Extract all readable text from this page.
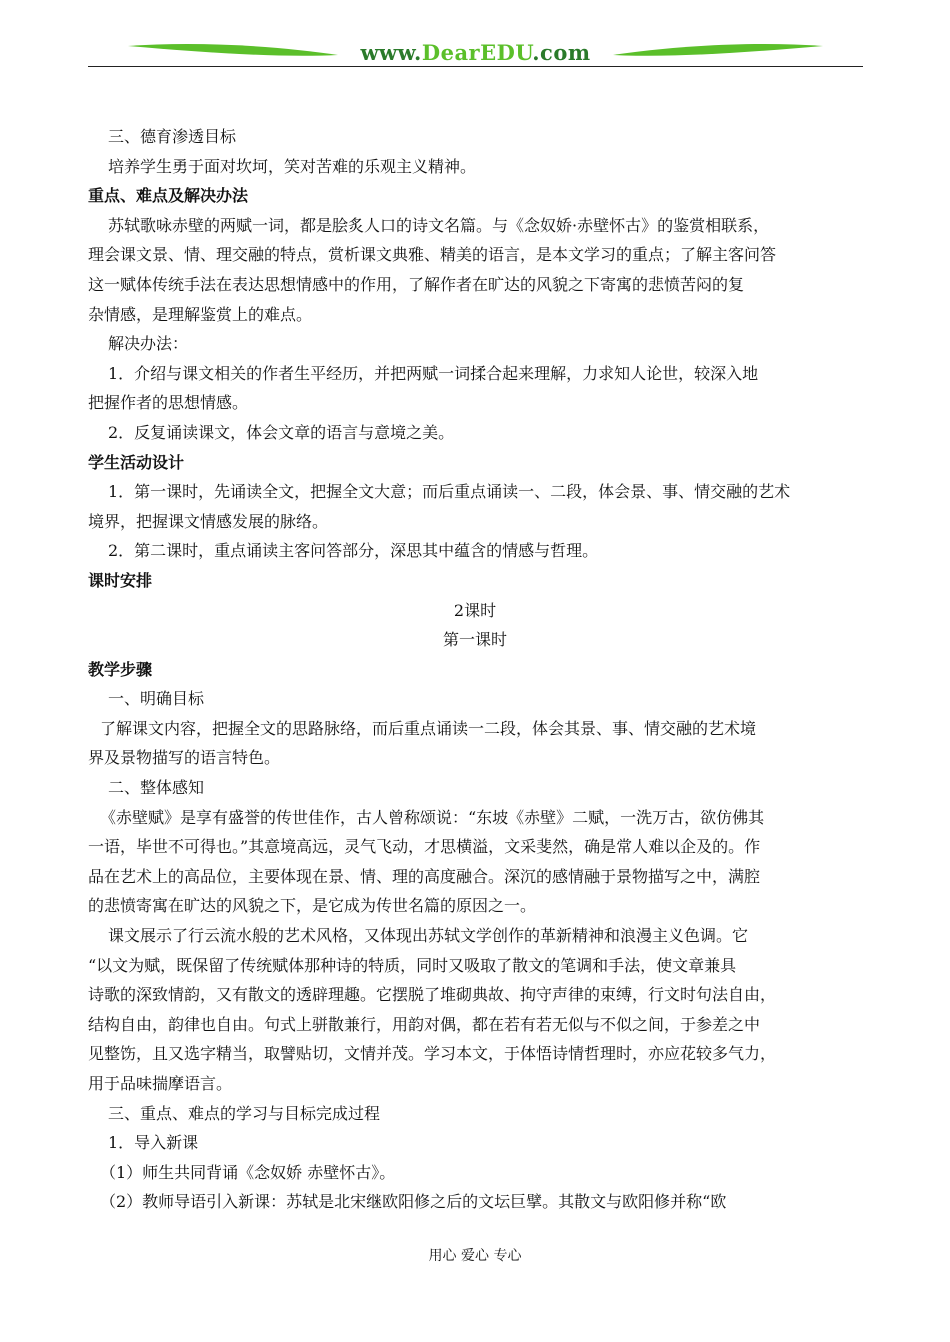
www.DearEDU.com
三、德育渗透目标
培养学生勇于面对坎坷，笑对苦难的乐观主义精神。
重点、难点及解决办法
苏轼歌咏赤壁的两赋一词，都是脍炙人口的诗文名篇。与《念奴娇·赤壁怀古》的鉴赏相联系，
理会课文景、情、理交融的特点，赏析课文典雅、精美的语言，是本文学习的重点；了解主客问答
这一赋体传统手法在表达思想情感中的作用，了解作者在旷达的风貌之下寄寓的悲愤苦闷的复
杂情感，是理解鉴赏上的难点。
解决办法：
1．介绍与课文相关的作者生平经历，并把两赋一词揉合起来理解，力求知人论世，较深入地
把握作者的思想情感。
2．反复诵读课文，体会文章的语言与意境之美。
学生活动设计
1．第一课时，先诵读全文，把握全文大意；而后重点诵读一、二段，体会景、事、情交融的艺术
境界，把握课文情感发展的脉络。
2．第二课时，重点诵读主客问答部分，深思其中蕴含的情感与哲理。
课时安排
2课时
第一课时
教学步骤
一、明确目标
了解课文内容，把握全文的思路脉络，而后重点诵读一二段，体会其景、事、情交融的艺术境
界及景物描写的语言特色。
二、整体感知
《赤壁赋》是享有盛誉的传世佳作，古人曾称颂说：“东坡《赤壁》二赋，一洗万古，欲仿佛其
一语，毕世不可得也。”其意境高远，灵气飞动，才思横溢，文采斐然，确是常人难以企及的。作
品在艺术上的高品位，主要体现在景、情、理的高度融合。深沉的感情融于景物描写之中，满腔
的悲愤寄寓在旷达的风貌之下，是它成为传世名篇的原因之一。
课文展示了行云流水般的艺术风格，又体现出苏轼文学创作的革新精神和浪漫主义色调。它
“以文为赋，既保留了传统赋体那种诗的特质，同时又吸取了散文的笔调和手法，使文章兼具
诗歌的深致情韵，又有散文的透辟理趣。它摆脱了堆砌典故、拘守声律的束缚，行文时句法自由，
结构自由，韵律也自由。句式上骈散兼行，用韵对偶，都在若有若无似与不似之间，于参差之中
见整饬，且又选字精当，取譬贴切，文情并茂。学习本文，于体悟诗情哲理时，亦应花较多气力，
用于品味揣摩语言。
三、重点、难点的学习与目标完成过程
1．导入新课
（1）师生共同背诵《念奴娇 赤壁怀古》。
（2）教师导语引入新课：苏轼是北宋继欧阳修之后的文坛巨擘。其散文与欧阳修并称“欧
用心 爱心 专心
